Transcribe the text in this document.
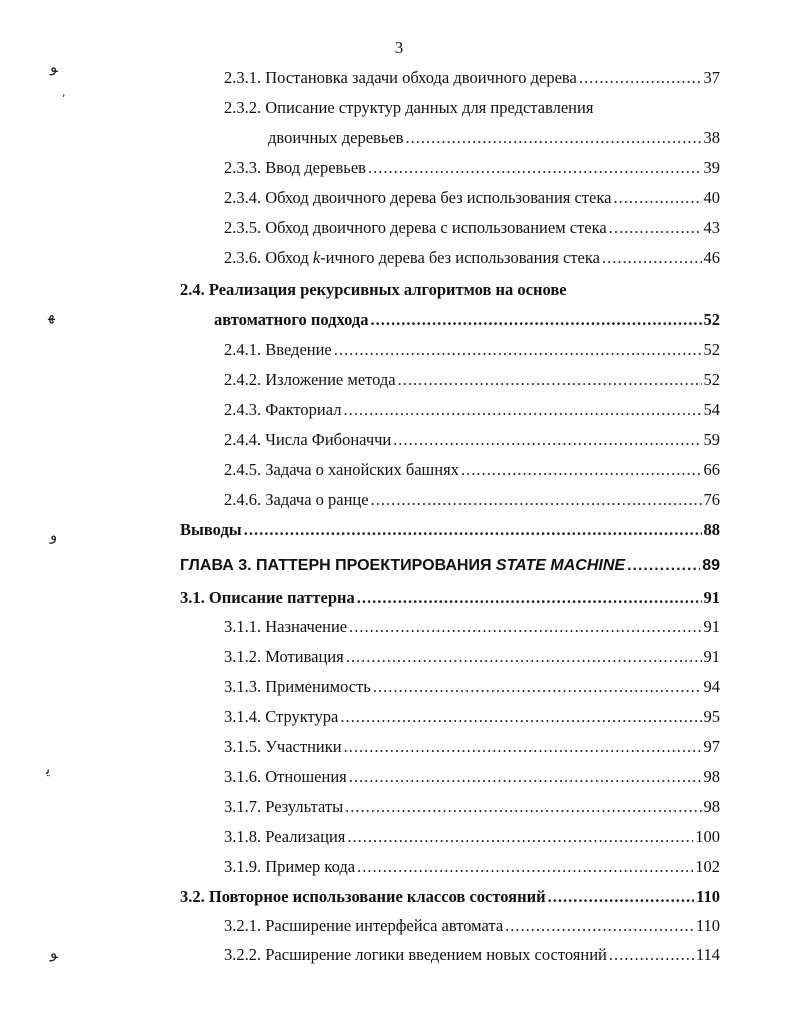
3
2.3.1. Постановка задачи обхода двоичного дерева .....	37
2.3.2. Описание структур данных для представления
двоичных деревьев .....	38
2.3.3. Ввод деревьев .....	39
2.3.4. Обход двоичного дерева без использования стека .....	40
2.3.5. Обход двоичного дерева с использованием стека .....	43
2.3.6. Обход k-ичного дерева без использования стека .....	46
2.4. Реализация рекурсивных алгоритмов на основе
автоматного подхода .....	52
2.4.1. Введение .....	52
2.4.2. Изложение метода .....	52
2.4.3. Факториал .....	54
2.4.4. Числа Фибоначчи .....	59
2.4.5. Задача о ханойских башнях .....	66
2.4.6. Задача о ранце .....	76
Выводы .....	88
ГЛАВА 3. ПАТТЕРН ПРОЕКТИРОВАНИЯ STATE MACHINE .....	89
3.1. Описание паттерна .....	91
3.1.1. Назначение .....	91
3.1.2. Мотивация .....	91
3.1.3. Применимость .....	94
3.1.4. Структура .....	95
3.1.5. Участники .....	97
3.1.6. Отношения .....	98
3.1.7. Результаты .....	98
3.1.8. Реализация .....	100
3.1.9. Пример кода .....	102
3.2. Повторное использование классов состояний .....	110
3.2.1. Расширение интерфейса автомата .....	110
3.2.2. Расширение логики введением новых состояний .....	114
ﻮ
,
ﻬ
ﻭ
ﻳ
ﻮ
